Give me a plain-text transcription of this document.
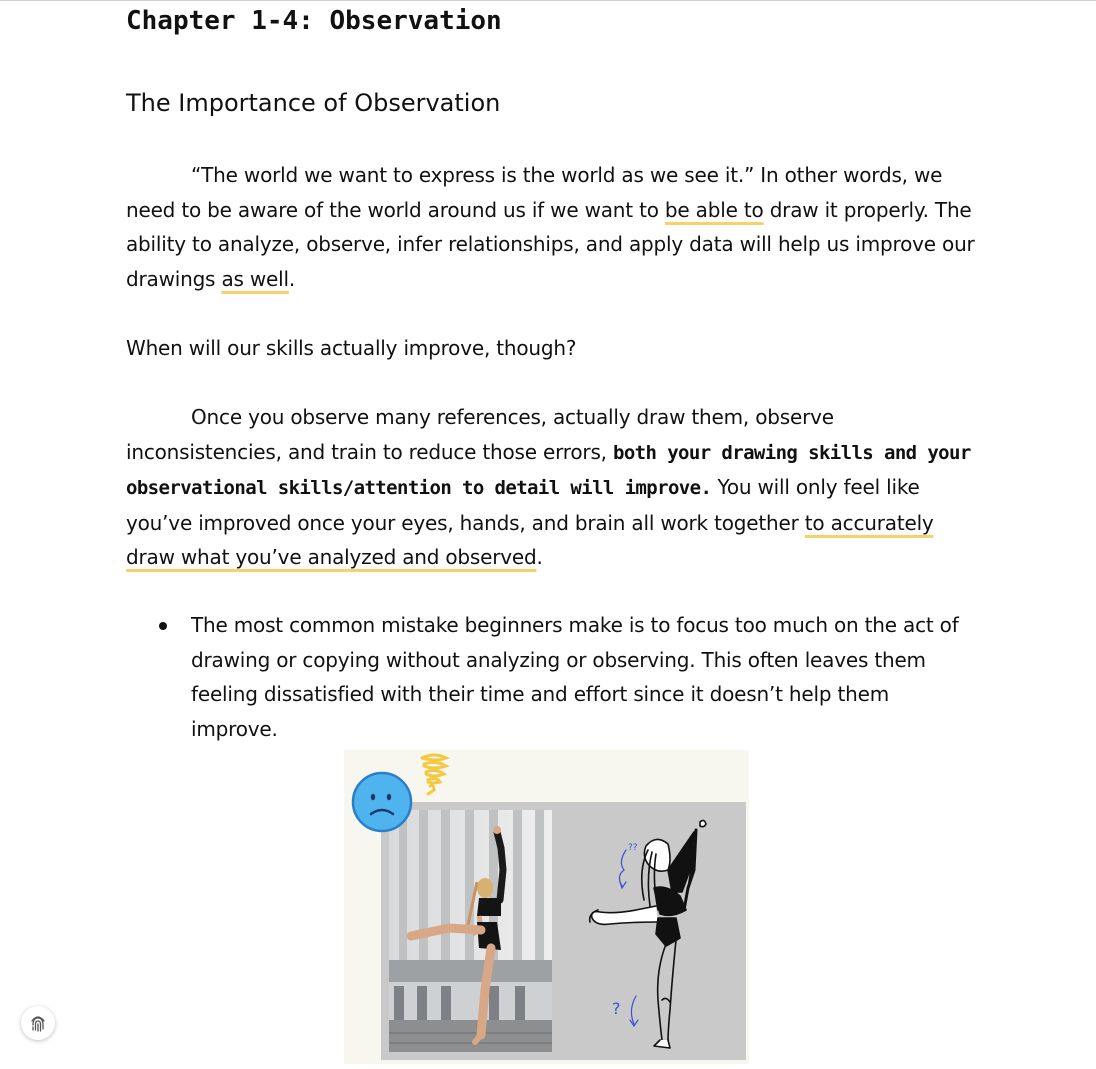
Chapter 1-4: Observation
The Importance of Observation

“The world we want to express is the world as we see it.” In other words, we need to be aware of the world around us if we want to be able to draw it properly. The ability to analyze, observe, infer relationships, and apply data will help us improve our drawings as well.

When will our skills actually improve, though?

Once you observe many references, actually draw them, observe inconsistencies, and train to reduce those errors, both your drawing skills and your observational skills/attention to detail will improve. You will only feel like you’ve improved once your eyes, hands, and brain all work together to accurately draw what you’ve analyzed and observed.

The most common mistake beginners make is to focus too much on the act of drawing or copying without analyzing or observing. This often leaves them feeling dissatisfied with their time and effort since it doesn’t help them improve.
??
?
